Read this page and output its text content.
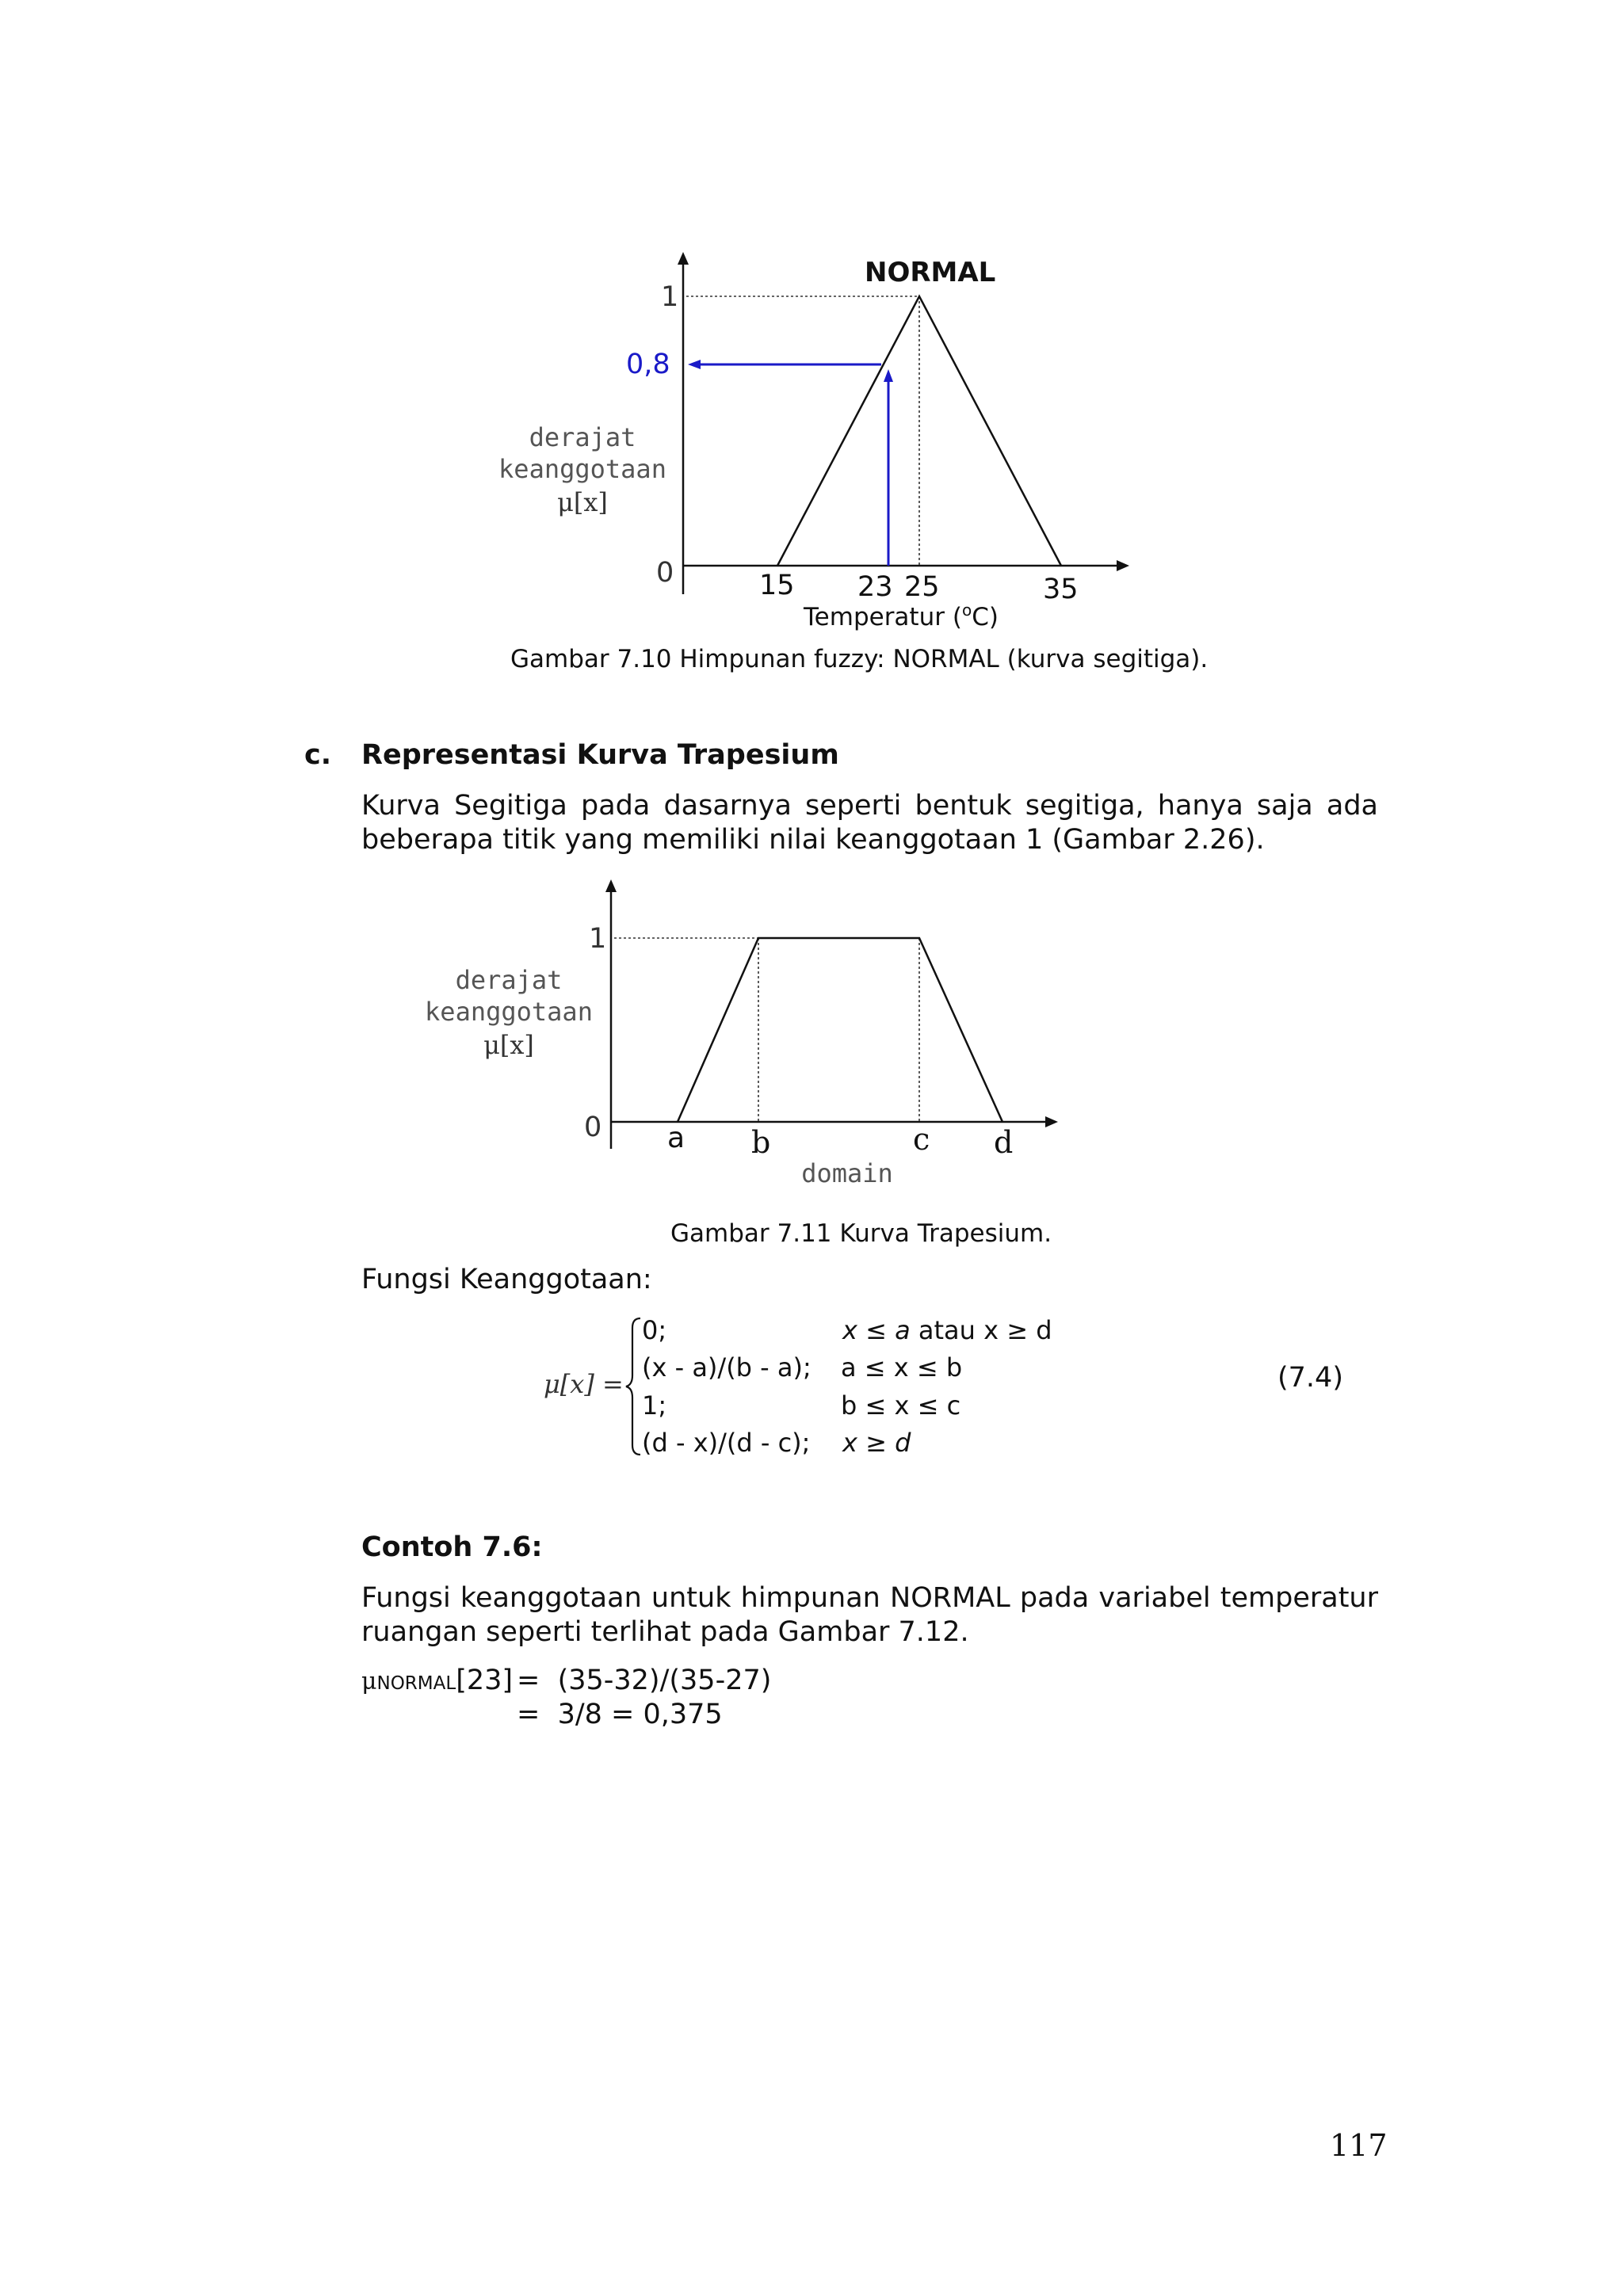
NORMAL
1
0,8
0
derajat
keanggotaan
μ[x]
15 23 25	35
Temperatur ($^o$C)
Gambar 7.10 Himpunan fuzzy: NORMAL (kurva segitiga).
c. Representasi Kurva Trapesium
Kurva Segitiga pada dasarnya seperti bentuk segitiga, hanya saja ada
beberapa titik yang memiliki nilai keanggotaan 1 (Gambar 2.26).
1
0
derajat
keanggotaan
μ[x]
a b	c d
domain
Gambar 7.11 Kurva Trapesium.
Fungsi Keanggotaan:
μ[x] =
0;	x ≤ a atau x ≥ d
(x - a)/(b - a); a ≤ x ≤ b
1;	b ≤ x ≤ c
(d - x)/(d - c); x ≥ d
(7.4)
Contoh 7.6:
Fungsi keanggotaan untuk himpunan NORMAL pada variabel temperatur
ruangan seperti terlihat pada Gambar 7.12.
μNORMAL[23] =  (35-32)/(35-27)
=  3/8 = 0,375
117
